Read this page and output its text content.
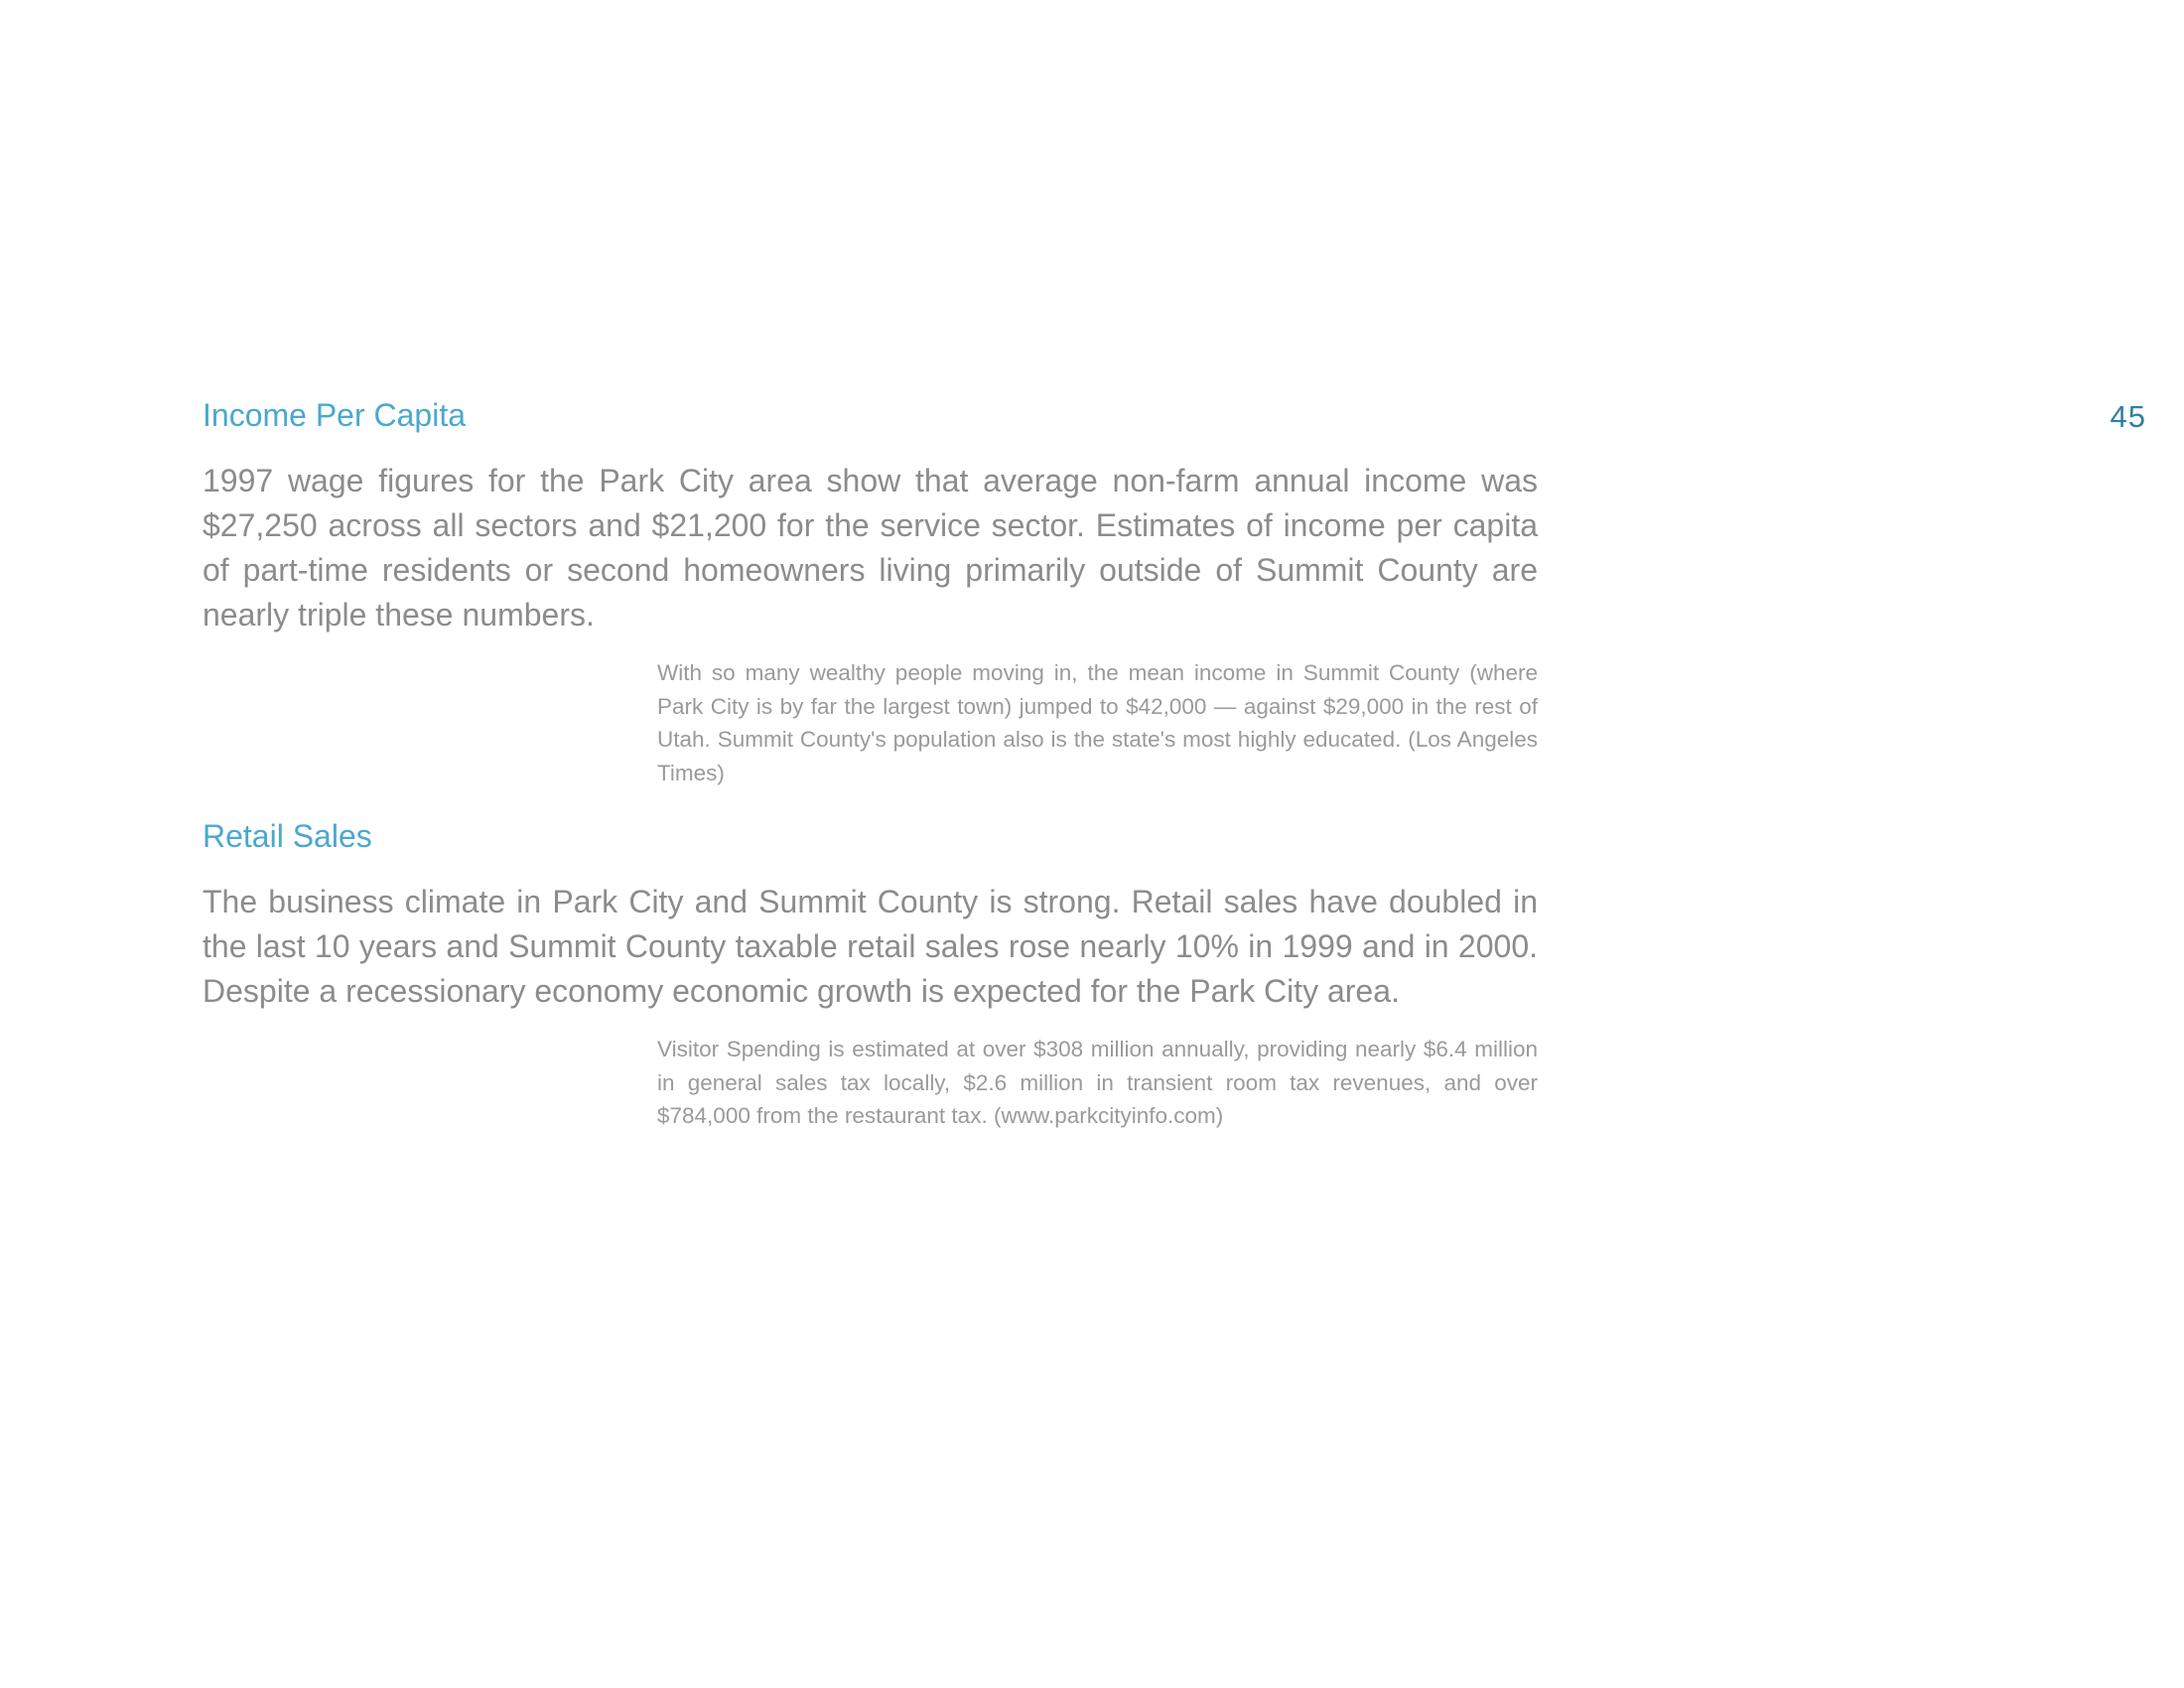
45
Income Per Capita

1997 wage figures for the Park City area show that average non-farm annual income was $27,250 across all sectors and $21,200 for the service sector. Estimates of income per capita of part-time residents or second homeowners living primarily outside of Summit County are nearly triple these numbers.

With so many wealthy people moving in, the mean income in Summit County (where Park City is by far the largest town) jumped to $42,000 — against $29,000 in the rest of Utah. Summit County's population also is the state's most highly educated. (Los Angeles Times)

Retail Sales

The business climate in Park City and Summit County is strong. Retail sales have doubled in the last 10 years and Summit County taxable retail sales rose nearly 10% in 1999 and in 2000. Despite a recessionary economy economic growth is expected for the Park City area.

Visitor Spending is estimated at over $308 million annually, providing nearly $6.4 million in general sales tax locally, $2.6 million in transient room tax revenues, and over $784,000 from the restaurant tax. (www.parkcityinfo.com)
